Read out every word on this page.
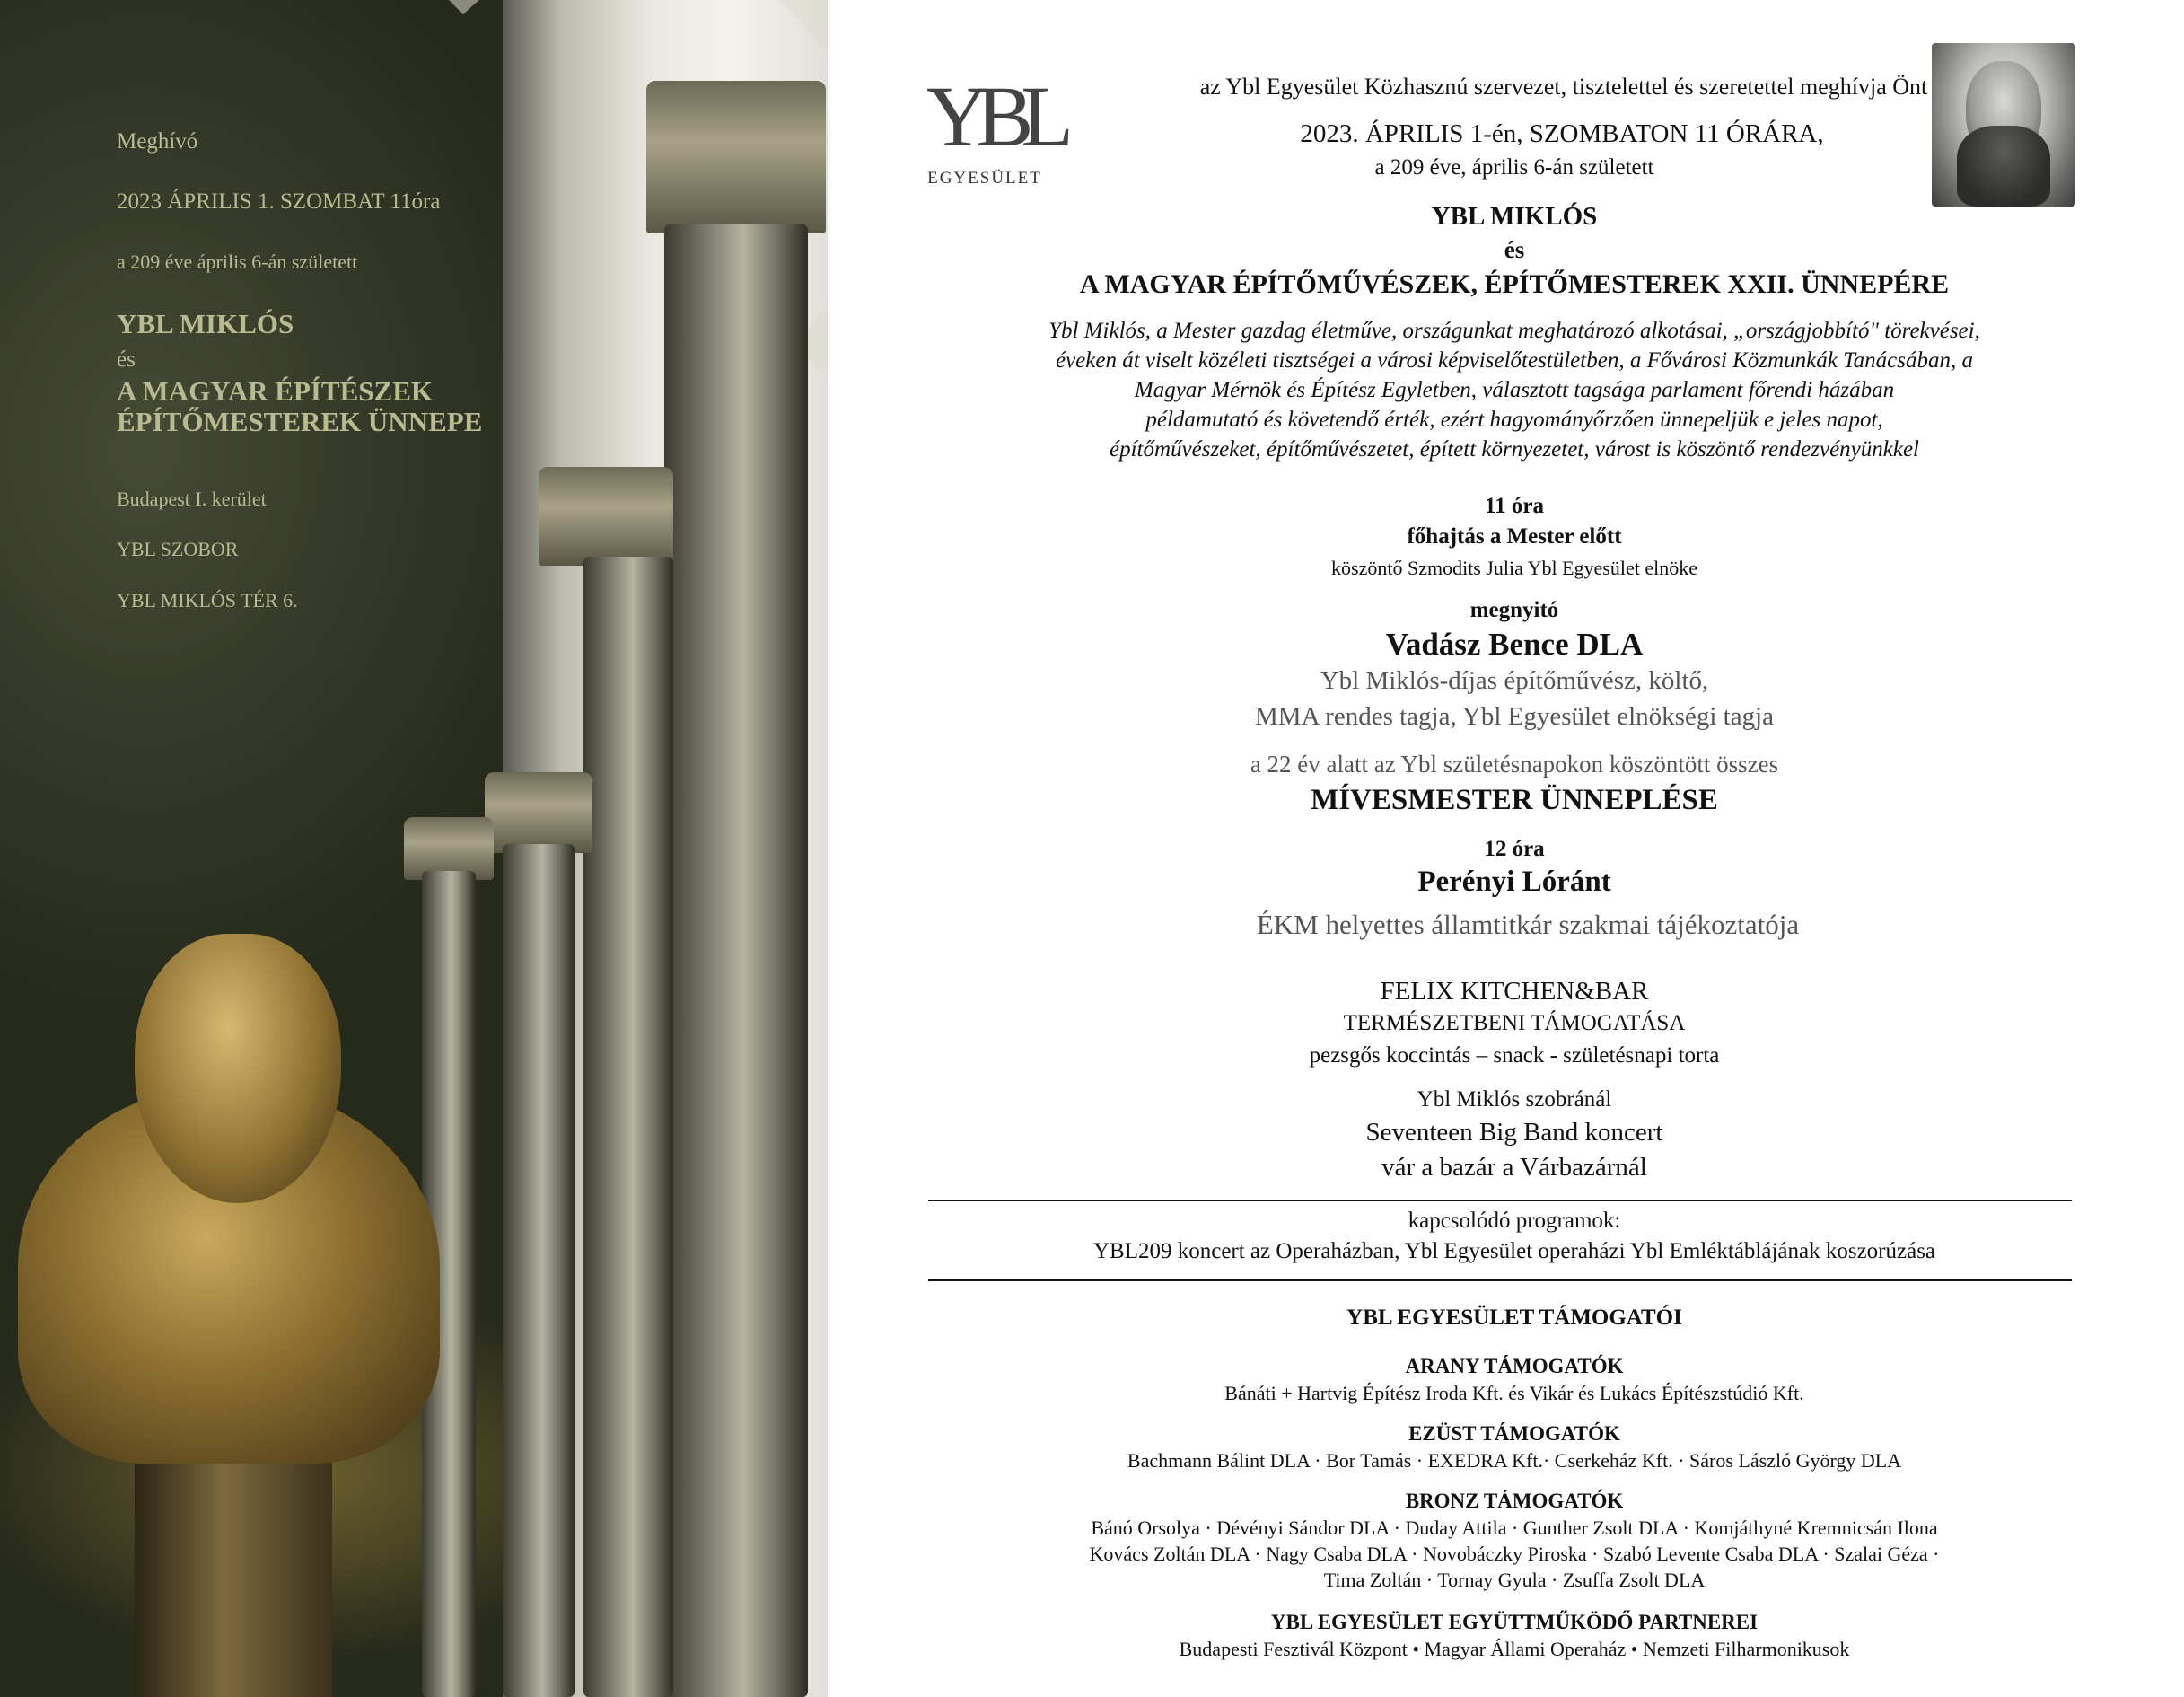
Meghívó
2023 ÁPRILIS 1. SZOMBAT 11óra
a 209 éve április 6-án született
YBL MIKLÓS
és
A MAGYAR ÉPÍTÉSZEK
ÉPÍTŐMESTEREK ÜNNEPE
Budapest I. kerület
YBL SZOBOR
YBL MIKLÓS TÉR 6.
YBL
EGYESÜLET
az Ybl Egyesület Közhasznú szervezet, tisztelettel és szeretettel meghívja Önt
2023. ÁPRILIS 1-én, SZOMBATON 11 ÓRÁRA,
a 209 éve, április 6-án született
YBL MIKLÓS
és
A MAGYAR ÉPÍTŐMŰVÉSZEK, ÉPÍTŐMESTEREK XXII. ÜNNEPÉRE
Ybl Miklós, a Mester gazdag életműve, országunkat meghatározó alkotásai, „országjobbító" törekvései,
éveken át viselt közéleti tisztségei a városi képviselőtestületben, a Fővárosi Közmunkák Tanácsában, a
Magyar Mérnök és Építész Egyletben, választott tagsága parlament főrendi házában
példamutató és követendő érték, ezért hagyományőrzően ünnepeljük e jeles napot,
építőművészeket, építőművészetet, épített környezetet, várost is köszöntő rendezvényünkkel
11 óra
főhajtás a Mester előtt
köszöntő Szmodits Julia Ybl Egyesület elnöke
megnyitó
Vadász Bence DLA
Ybl Miklós-díjas építőművész, költő,
MMA rendes tagja, Ybl Egyesület elnökségi tagja
a 22 év alatt az Ybl születésnapokon köszöntött összes
MÍVESMESTER ÜNNEPLÉSE
12 óra
Perényi Lóránt
ÉKM helyettes államtitkár szakmai tájékoztatója
FELIX KITCHEN&BAR
TERMÉSZETBENI TÁMOGATÁSA
pezsgős koccintás – snack - születésnapi torta
Ybl Miklós szobránál
Seventeen Big Band koncert
vár a bazár a Várbazárnál
kapcsolódó programok:
YBL209 koncert az Operaházban, Ybl Egyesület operaházi Ybl Emléktáblájának koszorúzása
YBL EGYESÜLET TÁMOGATÓI
ARANY TÁMOGATÓK
Bánáti + Hartvig Építész Iroda Kft. és Vikár és Lukács Építészstúdió Kft.
EZÜST TÁMOGATÓK
Bachmann Bálint DLA · Bor Tamás · EXEDRA Kft.· Cserkeház Kft. · Sáros László György DLA
BRONZ TÁMOGATÓK
Bánó Orsolya · Dévényi Sándor DLA · Duday Attila · Gunther Zsolt DLA · Komjáthyné Kremnicsán Ilona
Kovács Zoltán DLA · Nagy Csaba DLA · Novobáczky Piroska · Szabó Levente Csaba DLA · Szalai Géza ·
Tima Zoltán · Tornay Gyula · Zsuffa Zsolt DLA
YBL EGYESÜLET EGYÜTTMŰKÖDŐ PARTNEREI
Budapesti Fesztivál Központ • Magyar Állami Operaház • Nemzeti Filharmonikusok
